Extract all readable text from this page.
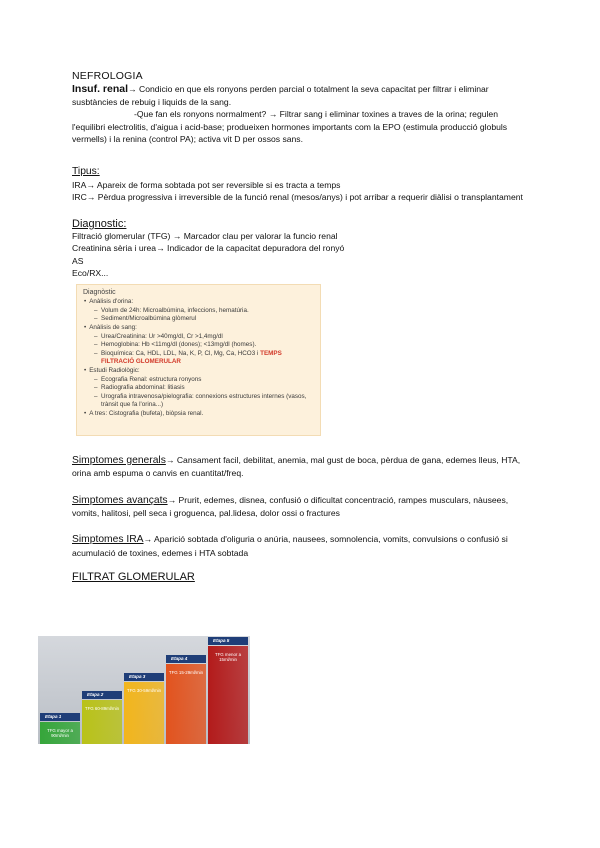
NEFROLOGIA

Insuf. renal→ Condicio en que els ronyons perden parcial o totalment la seva capacitat per filtrar i eliminar susbtàncies de rebuig i liquids de la sang.

-Que fan els ronyons normalment? → Filtrar sang i eliminar toxines a traves de la orina; regulen l'equilibri electrolitis, d'aigua i acid-base; produeixen hormones importants com la EPO (estimula producció globuls vermells) i la renina (control PA); activa vit D per ossos sans.

Tipus:

IRA→ Apareix de forma sobtada pot ser reversible si es tracta a temps

IRC→ Pèrdua progressiva i irreversible de la funció renal (mesos/anys) i pot arribar a requerir diàlisi o transplantament

Diagnostic:

Filtració glomerular (TFG) → Marcador clau per valorar la funcio renal

Creatinina sèria i urea→ Indicador de la capacitat depuradora del ronyó

AS

Eco/RX...

Diagnòstic
• Anàlisis d'orina:
– Volum de 24h: Microalbúmina, infeccions, hematúria.
– Sediment/Microalbúmina glòmerul
• Anàlisis de sang:
– Urea/Creatinina: Ur >40mg/dl, Cr >1,4mg/dl
– Hemoglobina: Hb <11mg/dl (dones); <13mg/dl (homes).
– Bioquímica: Ca, HDL, LDL, Na, K, P, Cl, Mg, Ca, HCO3 i TEMPS
FILTRACIÓ GLOMERULAR
• Estudi Radiològic:
– Ecografia Renal: estructura ronyons
– Radiografia abdominal: litiasis
– Urografia intravenosa/pielografia: connexions estructures internes (vasos, trànsit que fa l'orina...)
• A tres: Cistografia (bufeta), biòpsia renal.

Simptomes generals→ Cansament facil, debilitat, anemia, mal gust de boca, pèrdua de gana, edemes lleus, HTA, orina amb espuma o canvis en cuantitat/freq.

Simptomes avançats→ Prurit, edemes, disnea, confusió o dificultat concentració, rampes musculars, nàusees, vomits, halitosi, pell seca i groguenca, pal.lidesa, dolor ossi o fractures

Simptomes IRA→ Aparició sobtada d'oliguria o anúria, nausees, somnolencia, vomits, convulsions o confusió si acumulació de toxines, edemes i HTA sobtada

FILTRAT GLOMERULAR
TFG mayor a 90ml/min
Etapa 1
TFG 60-89ml/min
Etapa 2
TFG 30-59ml/min
Etapa 3
TFG 15-29ml/min
Etapa 4
TFG menor a 15ml/min
Etapa 5
